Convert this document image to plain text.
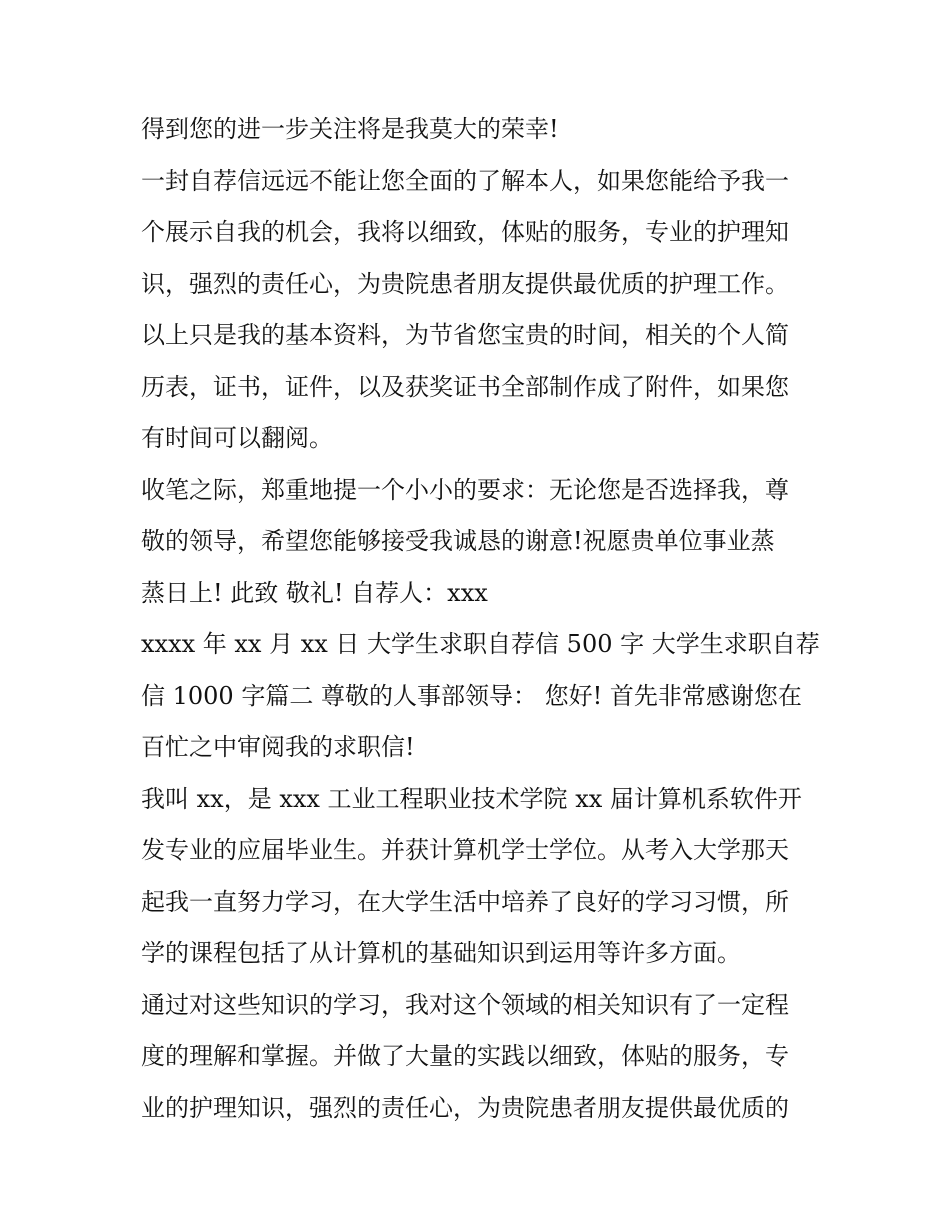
得到您的进一步关注将是我莫大的荣幸!

一封自荐信远远不能让您全面的了解本人，如果您能给予我一
个展示自我的机会，我将以细致，体贴的服务，专业的护理知
识，强烈的责任心，为贵院患者朋友提供最优质的护理工作。

以上只是我的基本资料，为节省您宝贵的时间，相关的个人简
历表，证书，证件，以及获奖证书全部制作成了附件，如果您
有时间可以翻阅。

收笔之际，郑重地提一个小小的要求：无论您是否选择我，尊
敬的领导，希望您能够接受我诚恳的谢意!祝愿贵单位事业蒸
蒸日上! 此致 敬礼! 自荐人：xxx

xxxx 年 xx 月 xx 日 大学生求职自荐信 500 字 大学生求职自荐
信 1000 字篇二 尊敬的人事部领导： 您好! 首先非常感谢您在
百忙之中审阅我的求职信!

我叫 xx，是 xxx 工业工程职业技术学院 xx 届计算机系软件开
发专业的应届毕业生。并获计算机学士学位。从考入大学那天
起我一直努力学习，在大学生活中培养了良好的学习习惯，所
学的课程包括了从计算机的基础知识到运用等许多方面。

通过对这些知识的学习，我对这个领域的相关知识有了一定程
度的理解和掌握。并做了大量的实践以细致，体贴的服务，专
业的护理知识，强烈的责任心，为贵院患者朋友提供最优质的
